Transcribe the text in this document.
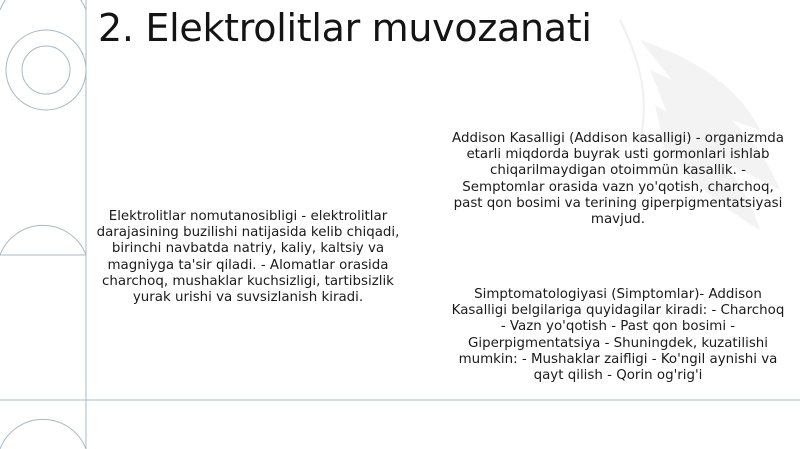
2. Elektrolitlar muvozanati

Elektrolitlar nomutanosibligi - elektrolitlar darajasining buzilishi natijasida kelib chiqadi, birinchi navbatda natriy, kaliy, kaltsiy va magniyga ta'sir qiladi. - Alomatlar orasida charchoq, mushaklar kuchsizligi, tartibsizlik yurak urishi va suvsizlanish kiradi.

Addison Kasalligi (Addison kasalligi) - organizmda etarli miqdorda buyrak usti gormonlari ishlab chiqarilmaydigan otoimmün kasallik. - Semptomlar orasida vazn yo'qotish, charchoq, past qon bosimi va terining giperpigmentatsiyasi mavjud.

Simptomatologiyasi (Simptomlar)- Addison Kasalligi belgilariga quyidagilar kiradi: - Charchoq - Vazn yo'qotish - Past qon bosimi - Giperpigmentatsiya - Shuningdek, kuzatilishi mumkin: - Mushaklar zaifligi - Ko'ngil aynishi va qayt qilish - Qorin og'rig'i
